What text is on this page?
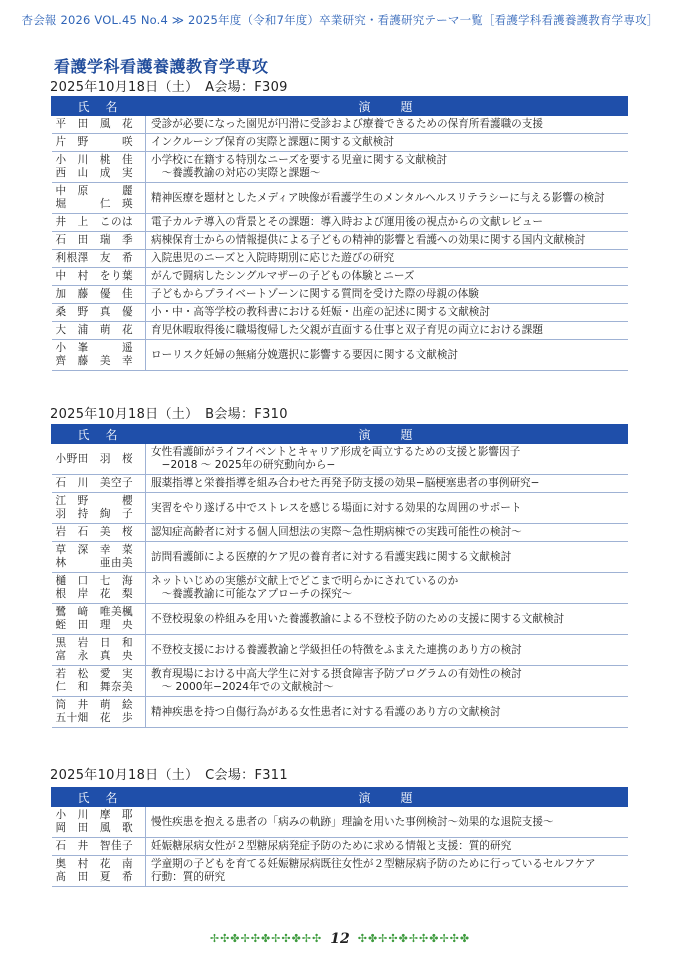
杏会報 2026 VOL.45 No.4 ≫ 2025年度（令和7年度）卒業研究・看護研究テーマ一覧［看護学科看護養護教育学専攻］
看護学科看護養護教育学専攻
2025年10月18日（土）　A会場：F309
氏　名	演　　題

平　田　風　花	受診が必要になった園児が円滑に受診および療養できるための保育所看護職の支援

片　野　　　咲	インクルーシブ保育の実際と課題に関する文献検討

小　川　桃　佳
西　山　成　実	小学校に在籍する特別なニーズを要する児童に関する文献検討
　〜養護教諭の対応の実際と課題〜

中　原　　　麗
堀　　　仁　瑛	精神医療を題材としたメディア映像が看護学生のメンタルヘルスリテラシーに与える影響の検討

井　上　このは	電子カルテ導入の背景とその課題：導入時および運用後の視点からの文献レビュー

石　田　瑞　季	病棟保育士からの情報提供による子どもの精神的影響と看護への効果に関する国内文献検討

利根澤　友　希	入院患児のニーズと入院時期別に応じた遊びの研究

中　村　をり葉	がんで闘病したシングルマザーの子どもの体験とニーズ

加　藤　優　佳	子どもからプライベートゾーンに関する質問を受けた際の母親の体験

桑　野　真　優	小・中・高等学校の教科書における妊娠・出産の記述に関する文献検討

大　浦　萌　花	育児休暇取得後に職場復帰した父親が直面する仕事と双子育児の両立における課題

小　峯　　　遥
齊　藤　美　幸	ローリスク妊婦の無痛分娩選択に影響する要因に関する文献検討
2025年10月18日（土）　B会場：F310
氏　名	演　　題

小野田　羽　桜	女性看護師がライフイベントとキャリア形成を両立するための支援と影響因子
　−2018 〜 2025年の研究動向から−

石　川　美空子	服薬指導と栄養指導を組み合わせた再発予防支援の効果−脳梗塞患者の事例研究−

江　野　　　櫻
羽　持　絢　子	実習をやり遂げる中でストレスを感じる場面に対する効果的な周囲のサポート

岩　石　美　桜	認知症高齢者に対する個人回想法の実際〜急性期病棟での実践可能性の検討〜

草　深　幸　菜
林　　　亜由美	訪問看護師による医療的ケア児の養育者に対する看護実践に関する文献検討

樋　口　七　海
根　岸　花　梨	ネットいじめの実態が文献上でどこまで明らかにされているのか
　〜養護教諭に可能なアプローチの探究〜

鷺　﨑　唯美楓
蛭　田　理　央	不登校現象の枠組みを用いた養護教諭による不登校予防のための支援に関する文献検討

黒　岩　日　和
富　永　真　央	不登校支援における養護教諭と学級担任の特徴をふまえた連携のあり方の検討

若　松　愛　実
仁　和　舞奈美	教育現場における中高大学生に対する摂食障害予防プログラムの有効性の検討
　〜 2000年−2024年での文献検討〜

筒　井　萌　絵
五十畑　花　歩	精神疾患を持つ自傷行為がある女性患者に対する看護のあり方の文献検討
2025年10月18日（土）　C会場：F311
氏　名	演　　題

小　川　摩　耶
岡　田　風　歌	慢性疾患を抱える患者の「病みの軌跡」理論を用いた事例検討〜効果的な退院支援〜

石　井　智佳子	妊娠糖尿病女性が２型糖尿病発症予防のために求める情報と支援：質的研究

奥　村　花　南
髙　田　夏　希	学童期の子どもを育てる妊娠糖尿病既往女性が２型糖尿病予防のために行っているセルフケア
行動：質的研究
✢✣✤✢✣✤✢✣✤✢✣ 12 ✣✤✢✣✤✢✣✤✢✣✤
